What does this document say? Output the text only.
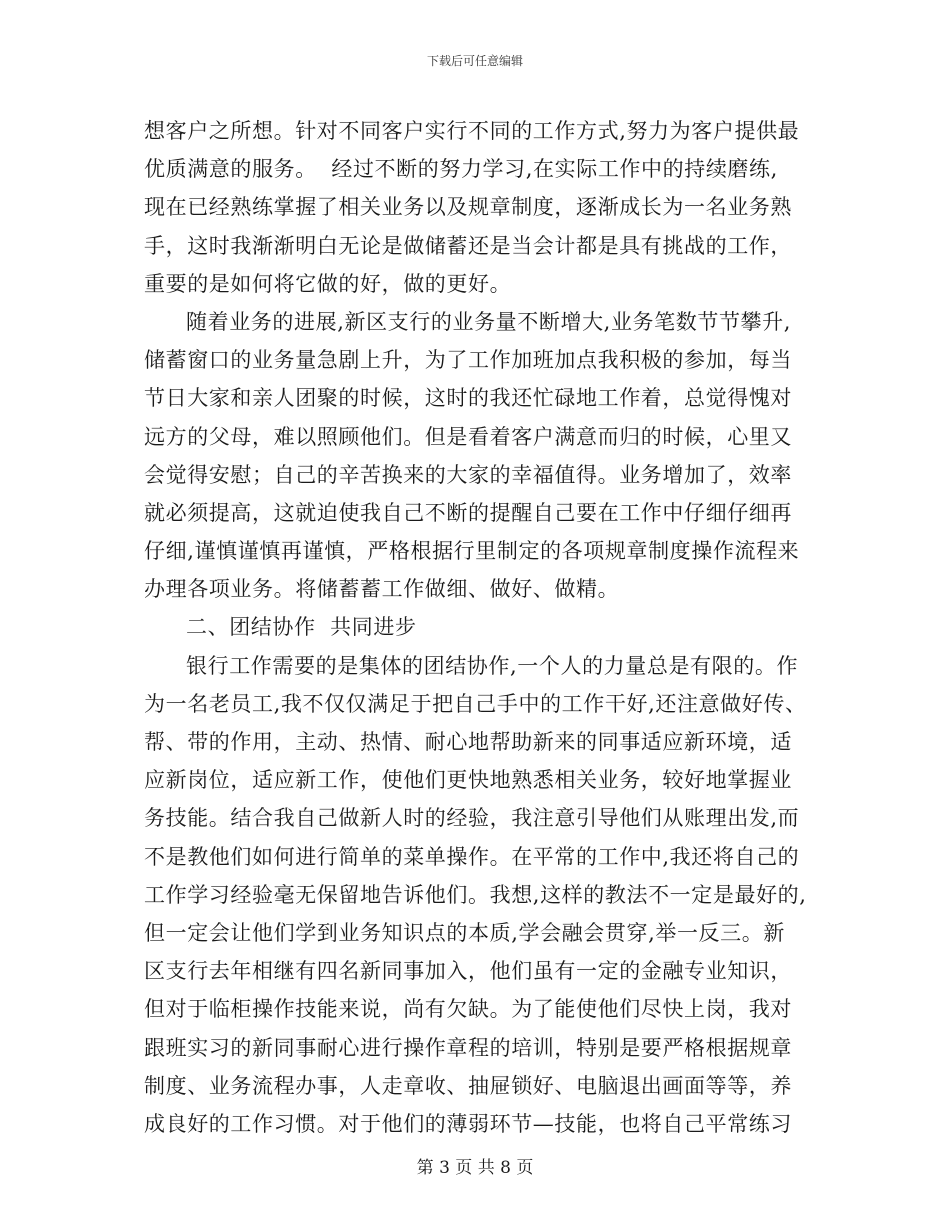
下载后可任意编辑
想客户之所想。针对不同客户实行不同的工作方式,努力为客户提供最
优质满意的服务。  经过不断的努力学习,在实际工作中的持续磨练,
现在已经熟练掌握了相关业务以及规章制度，逐渐成长为一名业务熟
手，这时我渐渐明白无论是做储蓄还是当会计都是具有挑战的工作，
重要的是如何将它做的好，做的更好。
随着业务的进展,新区支行的业务量不断增大,业务笔数节节攀升,
储蓄窗口的业务量急剧上升，为了工作加班加点我积极的参加，每当
节日大家和亲人团聚的时候，这时的我还忙碌地工作着，总觉得愧对
远方的父母，难以照顾他们。但是看着客户满意而归的时候，心里又
会觉得安慰；自己的辛苦换来的大家的幸福值得。业务增加了，效率
就必须提高，这就迫使我自己不断的提醒自己要在工作中仔细仔细再
仔细,谨慎谨慎再谨慎，严格根据行里制定的各项规章制度操作流程来
办理各项业务。将储蓄蓄工作做细、做好、做精。
二、团结协作  共同进步
银行工作需要的是集体的团结协作,一个人的力量总是有限的。作
为一名老员工,我不仅仅满足于把自己手中的工作干好,还注意做好传、
帮、带的作用，主动、热情、耐心地帮助新来的同事适应新环境，适
应新岗位，适应新工作，使他们更快地熟悉相关业务，较好地掌握业
务技能。结合我自己做新人时的经验，我注意引导他们从账理出发,而
不是教他们如何进行简单的菜单操作。在平常的工作中,我还将自己的
工作学习经验毫无保留地告诉他们。我想,这样的教法不一定是最好的,
但一定会让他们学到业务知识点的本质,学会融会贯穿,举一反三。新
区支行去年相继有四名新同事加入，他们虽有一定的金融专业知识，
但对于临柜操作技能来说，尚有欠缺。为了能使他们尽快上岗，我对
跟班实习的新同事耐心进行操作章程的培训，特别是要严格根据规章
制度、业务流程办事，人走章收、抽屉锁好、电脑退出画面等等，养
成良好的工作习惯。对于他们的薄弱环节—技能，也将自己平常练习
第 3 页 共 8 页
